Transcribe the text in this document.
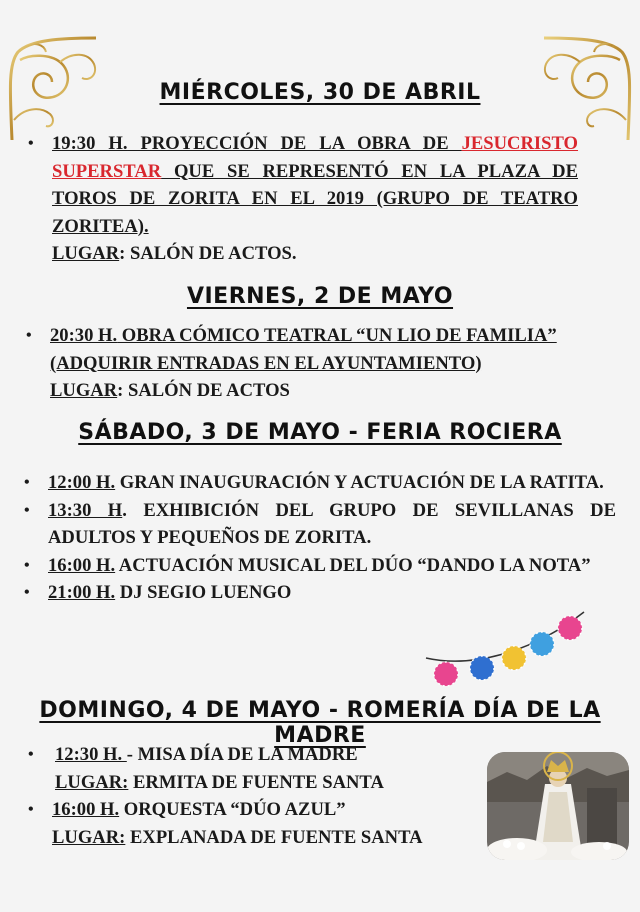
MIÉRCOLES, 30 DE ABRIL
• 19:30 H. PROYECCIÓN DE LA OBRA DE JESUCRISTO SUPERSTAR QUE SE REPRESENTÓ EN LA PLAZA DE TOROS DE ZORITA EN EL 2019 (GRUPO DE TEATRO ZORITEA).
LUGAR: SALÓN DE ACTOS.
VIERNES, 2 DE MAYO
• 20:30 H. OBRA CÓMICO TEATRAL “UN LIO DE FAMILIA” (ADQUIRIR ENTRADAS EN EL AYUNTAMIENTO)
LUGAR: SALÓN DE ACTOS
SÁBADO, 3 DE MAYO - FERIA ROCIERA
• 12:00 H. GRAN INAUGURACIÓN Y ACTUACIÓN DE LA RATITA.
• 13:30 H. EXHIBICIÓN DEL GRUPO DE SEVILLANAS DE ADULTOS Y PEQUEÑOS DE ZORITA.
• 16:00 H. ACTUACIÓN MUSICAL DEL DÚO “DANDO LA NOTA”
• 21:00 H. DJ SEGIO LUENGO
DOMINGO, 4 DE MAYO - ROMERÍA DÍA DE LA MADRE
• 12:30 H. - MISA DÍA DE LA MADRE
LUGAR: ERMITA DE FUENTE SANTA
• 16:00 H. ORQUESTA “DÚO AZUL”
LUGAR: EXPLANADA DE FUENTE SANTA
